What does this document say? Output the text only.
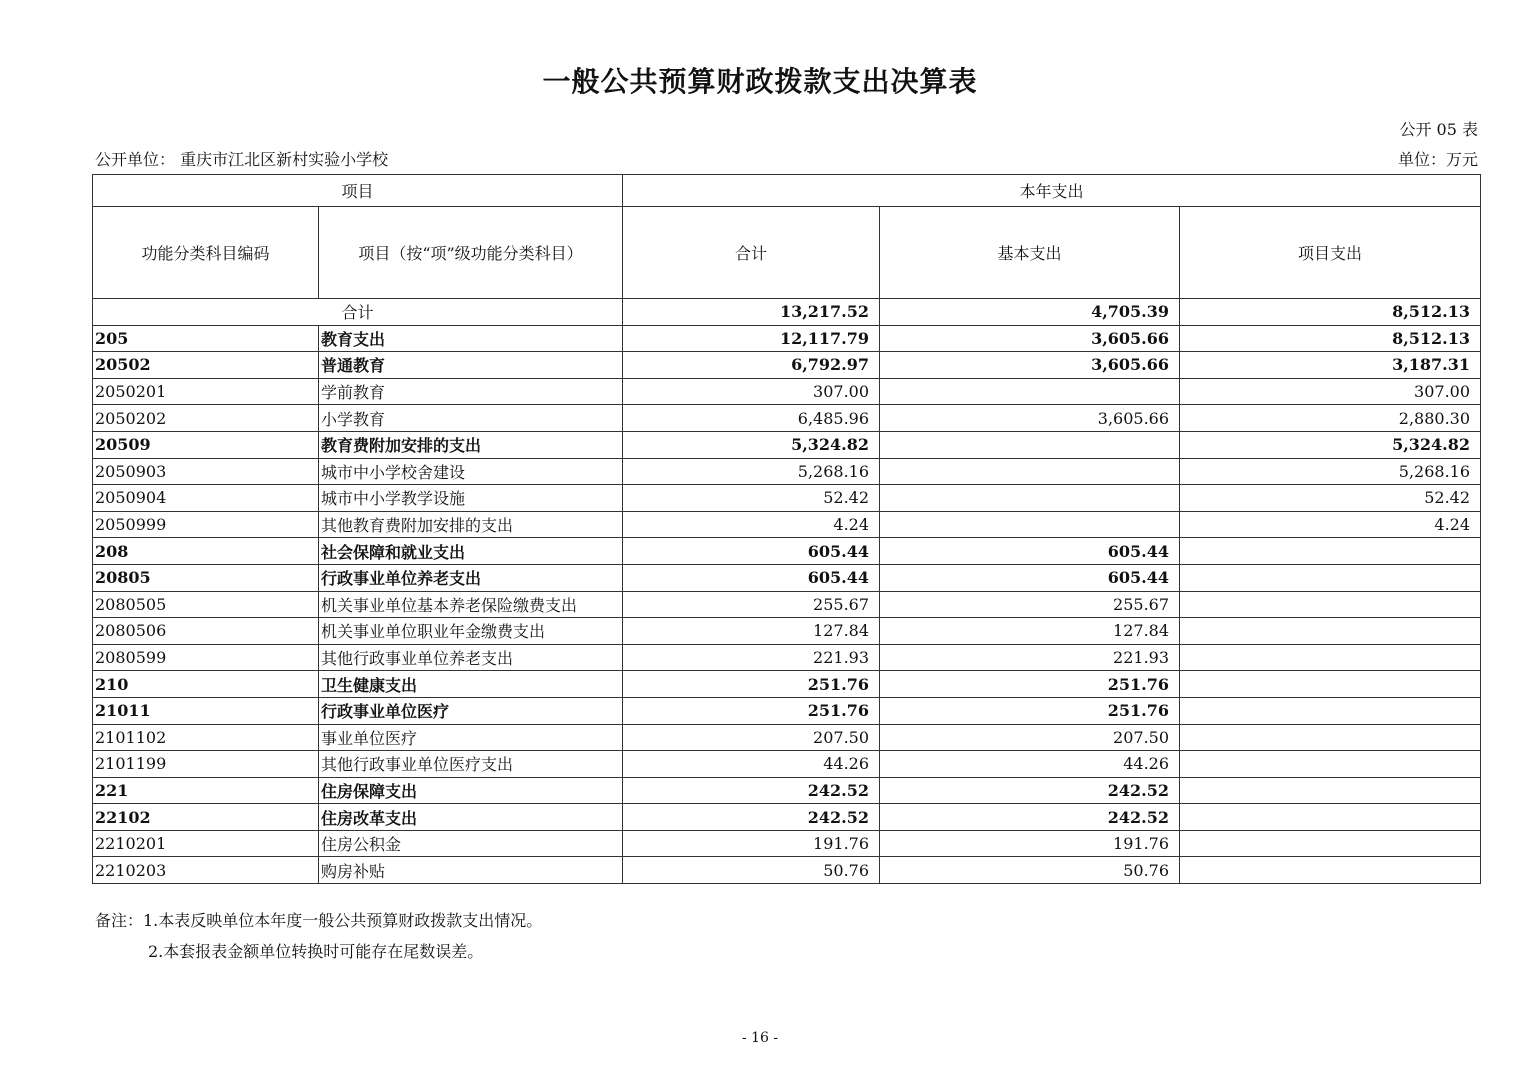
一般公共预算财政拨款支出决算表
公开 05 表
公开单位： 重庆市江北区新村实验小学校	单位：万元
项目		本年支出		
功能分类科目编码	项目（按“项”级功能分类科目）	合计	基本支出	项目支出
合计		13,217.52	4,705.39	8,512.13
205	教育支出	12,117.79	3,605.66	8,512.13
20502	普通教育	6,792.97	3,605.66	3,187.31
2050201	学前教育	307.00		307.00
2050202	小学教育	6,485.96	3,605.66	2,880.30
20509	教育费附加安排的支出	5,324.82		5,324.82
2050903	城市中小学校舍建设	5,268.16		5,268.16
2050904	城市中小学教学设施	52.42		52.42
2050999	其他教育费附加安排的支出	4.24		4.24
208	社会保障和就业支出	605.44	605.44	
20805	行政事业单位养老支出	605.44	605.44	
2080505	机关事业单位基本养老保险缴费支出	255.67	255.67	
2080506	机关事业单位职业年金缴费支出	127.84	127.84	
2080599	其他行政事业单位养老支出	221.93	221.93	
210	卫生健康支出	251.76	251.76	
21011	行政事业单位医疗	251.76	251.76	
2101102	事业单位医疗	207.50	207.50	
2101199	其他行政事业单位医疗支出	44.26	44.26	
221	住房保障支出	242.52	242.52	
22102	住房改革支出	242.52	242.52	
2210201	住房公积金	191.76	191.76	
2210203	购房补贴	50.76	50.76	
备注：1.本表反映单位本年度一般公共预算财政拨款支出情况。
2.本套报表金额单位转换时可能存在尾数误差。
- 16 -
